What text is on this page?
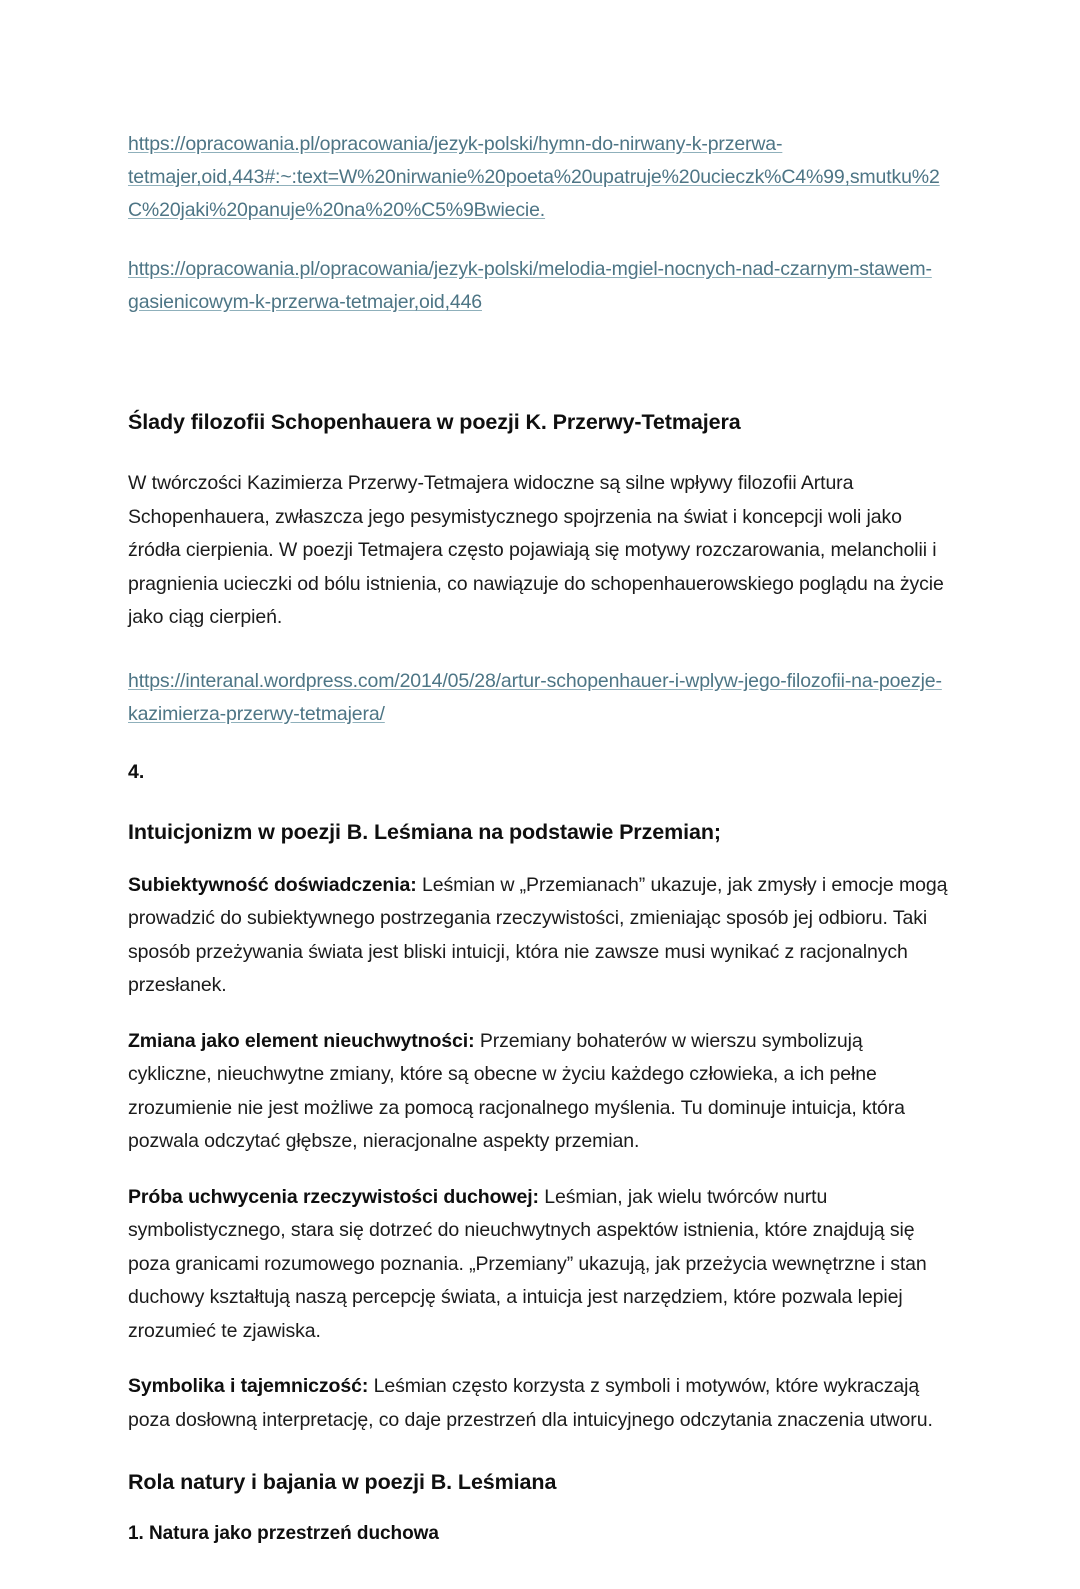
https://opracowania.pl/opracowania/jezyk-polski/hymn-do-nirwany-k-przerwa-tetmajer,oid,443#:~:text=W%20nirwanie%20poeta%20upatruje%20ucieczk%C4%99,smutku%2C%20jaki%20panuje%20na%20%C5%9Bwiecie.
https://opracowania.pl/opracowania/jezyk-polski/melodia-mgiel-nocnych-nad-czarnym-stawem-gasienicowym-k-przerwa-tetmajer,oid,446
Ślady filozofii Schopenhauera w poezji K. Przerwy-Tetmajera

W twórczości Kazimierza Przerwy-Tetmajera widoczne są silne wpływy filozofii Artura Schopenhauera, zwłaszcza jego pesymistycznego spojrzenia na świat i koncepcji woli jako źródła cierpienia. W poezji Tetmajera często pojawiają się motywy rozczarowania, melancholii i pragnienia ucieczki od bólu istnienia, co nawiązuje do schopenhauerowskiego poglądu na życie jako ciąg cierpień.

https://interanal.wordpress.com/2014/05/28/artur-schopenhauer-i-wplyw-jego-filozofii-na-poezje-kazimierza-przerwy-tetmajera/

4.

Intuicjonizm w poezji B. Leśmiana na podstawie Przemian;

Subiektywność doświadczenia: Leśmian w „Przemianach” ukazuje, jak zmysły i emocje mogą prowadzić do subiektywnego postrzegania rzeczywistości, zmieniając sposób jej odbioru. Taki sposób przeżywania świata jest bliski intuicji, która nie zawsze musi wynikać z racjonalnych przesłanek.

Zmiana jako element nieuchwytności: Przemiany bohaterów w wierszu symbolizują cykliczne, nieuchwytne zmiany, które są obecne w życiu każdego człowieka, a ich pełne zrozumienie nie jest możliwe za pomocą racjonalnego myślenia. Tu dominuje intuicja, która pozwala odczytać głębsze, nieracjonalne aspekty przemian.

Próba uchwycenia rzeczywistości duchowej: Leśmian, jak wielu twórców nurtu symbolistycznego, stara się dotrzeć do nieuchwytnych aspektów istnienia, które znajdują się poza granicami rozumowego poznania. „Przemiany” ukazują, jak przeżycia wewnętrzne i stan duchowy kształtują naszą percepcję świata, a intuicja jest narzędziem, które pozwala lepiej zrozumieć te zjawiska.

Symbolika i tajemniczość: Leśmian często korzysta z symboli i motywów, które wykraczają poza dosłowną interpretację, co daje przestrzeń dla intuicyjnego odczytania znaczenia utworu.

Rola natury i bajania w poezji B. Leśmiana

1. Natura jako przestrzeń duchowa
